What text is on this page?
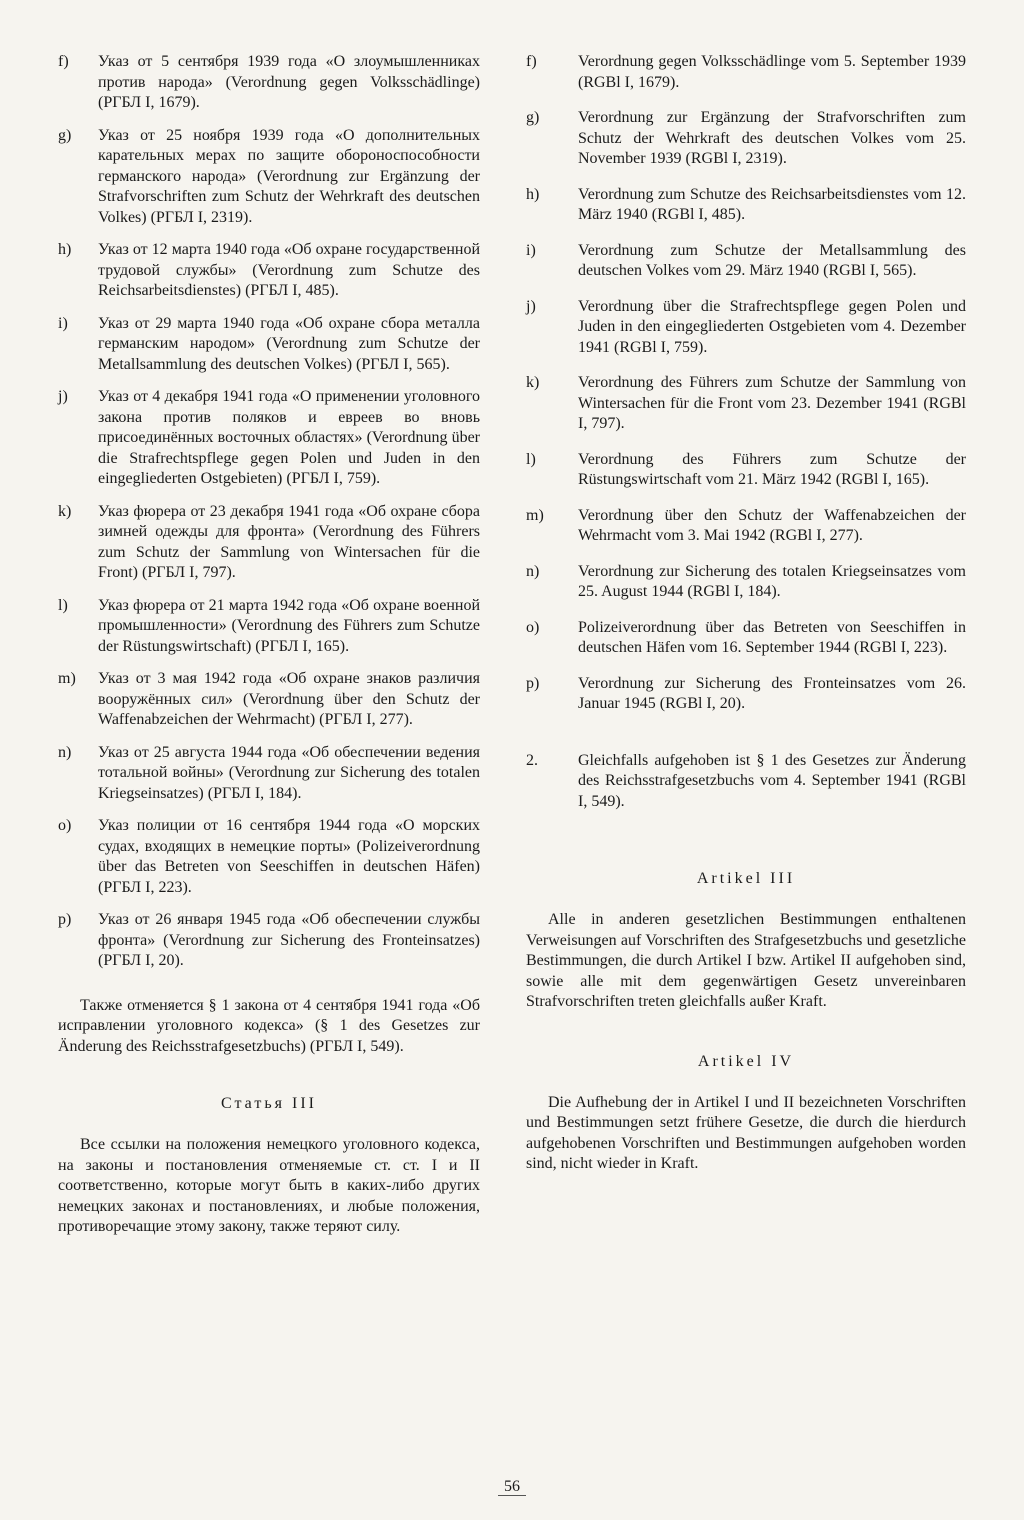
f)	Указ от 5 сентября 1939 года «О злоумышленниках против народа» (Verordnung gegen Volksschädlinge) (РГБЛ I, 1679).
g)	Указ от 25 ноября 1939 года «О дополнительных карательных мерах по защите обороноспособности германского народа» (Verordnung zur Ergänzung der Strafvorschriften zum Schutz der Wehrkraft des deutschen Volkes) (РГБЛ I, 2319).
h)	Указ от 12 марта 1940 года «Об охране государственной трудовой службы» (Verordnung zum Schutze des Reichsarbeitsdienstes) (РГБЛ I, 485).
i)	Указ от 29 марта 1940 года «Об охране сбора металла германским народом» (Verordnung zum Schutze der Metallsammlung des deutschen Volkes) (РГБЛ I, 565).
j)	Указ от 4 декабря 1941 года «О применении уголовного закона против поляков и евреев во вновь присоединённых восточных областях» (Verordnung über die Strafrechtspflege gegen Polen und Juden in den eingegliederten Ostgebieten) (РГБЛ I, 759).
k)	Указ фюрера от 23 декабря 1941 года «Об охране сбора зимней одежды для фронта» (Verordnung des Führers zum Schutz der Sammlung von Wintersachen für die Front) (РГБЛ I, 797).
l)	Указ фюрера от 21 марта 1942 года «Об охране военной промышленности» (Verordnung des Führers zum Schutze der Rüstungswirtschaft) (РГБЛ I, 165).
m)	Указ от 3 мая 1942 года «Об охране знаков различия вооружённых сил» (Verordnung über den Schutz der Waffenabzeichen der Wehrmacht) (РГБЛ I, 277).
n)	Указ от 25 августа 1944 года «Об обеспечении ведения тотальной войны» (Verordnung zur Sicherung des totalen Kriegseinsatzes) (РГБЛ I, 184).
o)	Указ полиции от 16 сентября 1944 года «О морских судах, входящих в немецкие порты» (Polizeiverordnung über das Betreten von Seeschiffen in deutschen Häfen) (РГБЛ I, 223).
p)	Указ от 26 января 1945 года «Об обеспечении службы фронта» (Verordnung zur Sicherung des Fronteinsatzes) (РГБЛ I, 20).

Также отменяется § 1 закона от 4 сентября 1941 года «Об исправлении уголовного кодекса» (§ 1 des Gesetzes zur Änderung des Reichsstrafgesetzbuchs) (РГБЛ I, 549).

Статья III

Все ссылки на положения немецкого уголовного кодекса, на законы и постановления отменяемые ст. ст. I и II соответственно, которые могут быть в каких-либо других немецких законах и постановлениях, и любые положения, противоречащие этому закону, также теряют силу.

f)	Verordnung gegen Volksschädlinge vom 5. September 1939 (RGBl I, 1679).
g)	Verordnung zur Ergänzung der Strafvorschriften zum Schutz der Wehrkraft des deutschen Volkes vom 25. November 1939 (RGBl I, 2319).
h)	Verordnung zum Schutze des Reichsarbeitsdienstes vom 12. März 1940 (RGBl I, 485).
i)	Verordnung zum Schutze der Metallsammlung des deutschen Volkes vom 29. März 1940 (RGBl I, 565).
j)	Verordnung über die Strafrechtspflege gegen Polen und Juden in den eingegliederten Ostgebieten vom 4. Dezember 1941 (RGBl I, 759).
k)	Verordnung des Führers zum Schutze der Sammlung von Wintersachen für die Front vom 23. Dezember 1941 (RGBl I, 797).
l)	Verordnung des Führers zum Schutze der Rüstungswirtschaft vom 21. März 1942 (RGBl I, 165).
m)	Verordnung über den Schutz der Waffenabzeichen der Wehrmacht vom 3. Mai 1942 (RGBl I, 277).
n)	Verordnung zur Sicherung des totalen Kriegseinsatzes vom 25. August 1944 (RGBl I, 184).
o)	Polizeiverordnung über das Betreten von Seeschiffen in deutschen Häfen vom 16. September 1944 (RGBl I, 223).
p)	Verordnung zur Sicherung des Fronteinsatzes vom 26. Januar 1945 (RGBl I, 20).
2.	Gleichfalls aufgehoben ist § 1 des Gesetzes zur Änderung des Reichsstrafgesetzbuchs vom 4. September 1941 (RGBl I, 549).
Artikel III

Alle in anderen gesetzlichen Bestimmungen enthaltenen Verweisungen auf Vorschriften des Strafgesetzbuchs und gesetzliche Bestimmungen, die durch Artikel I bzw. Artikel II aufgehoben sind, sowie alle mit dem gegenwärtigen Gesetz unvereinbaren Strafvorschriften treten gleichfalls außer Kraft.

Artikel IV

Die Aufhebung der in Artikel I und II bezeichneten Vorschriften und Bestimmungen setzt frühere Gesetze, die durch die hierdurch aufgehobenen Vorschriften und Bestimmungen aufgehoben worden sind, nicht wieder in Kraft.

56
